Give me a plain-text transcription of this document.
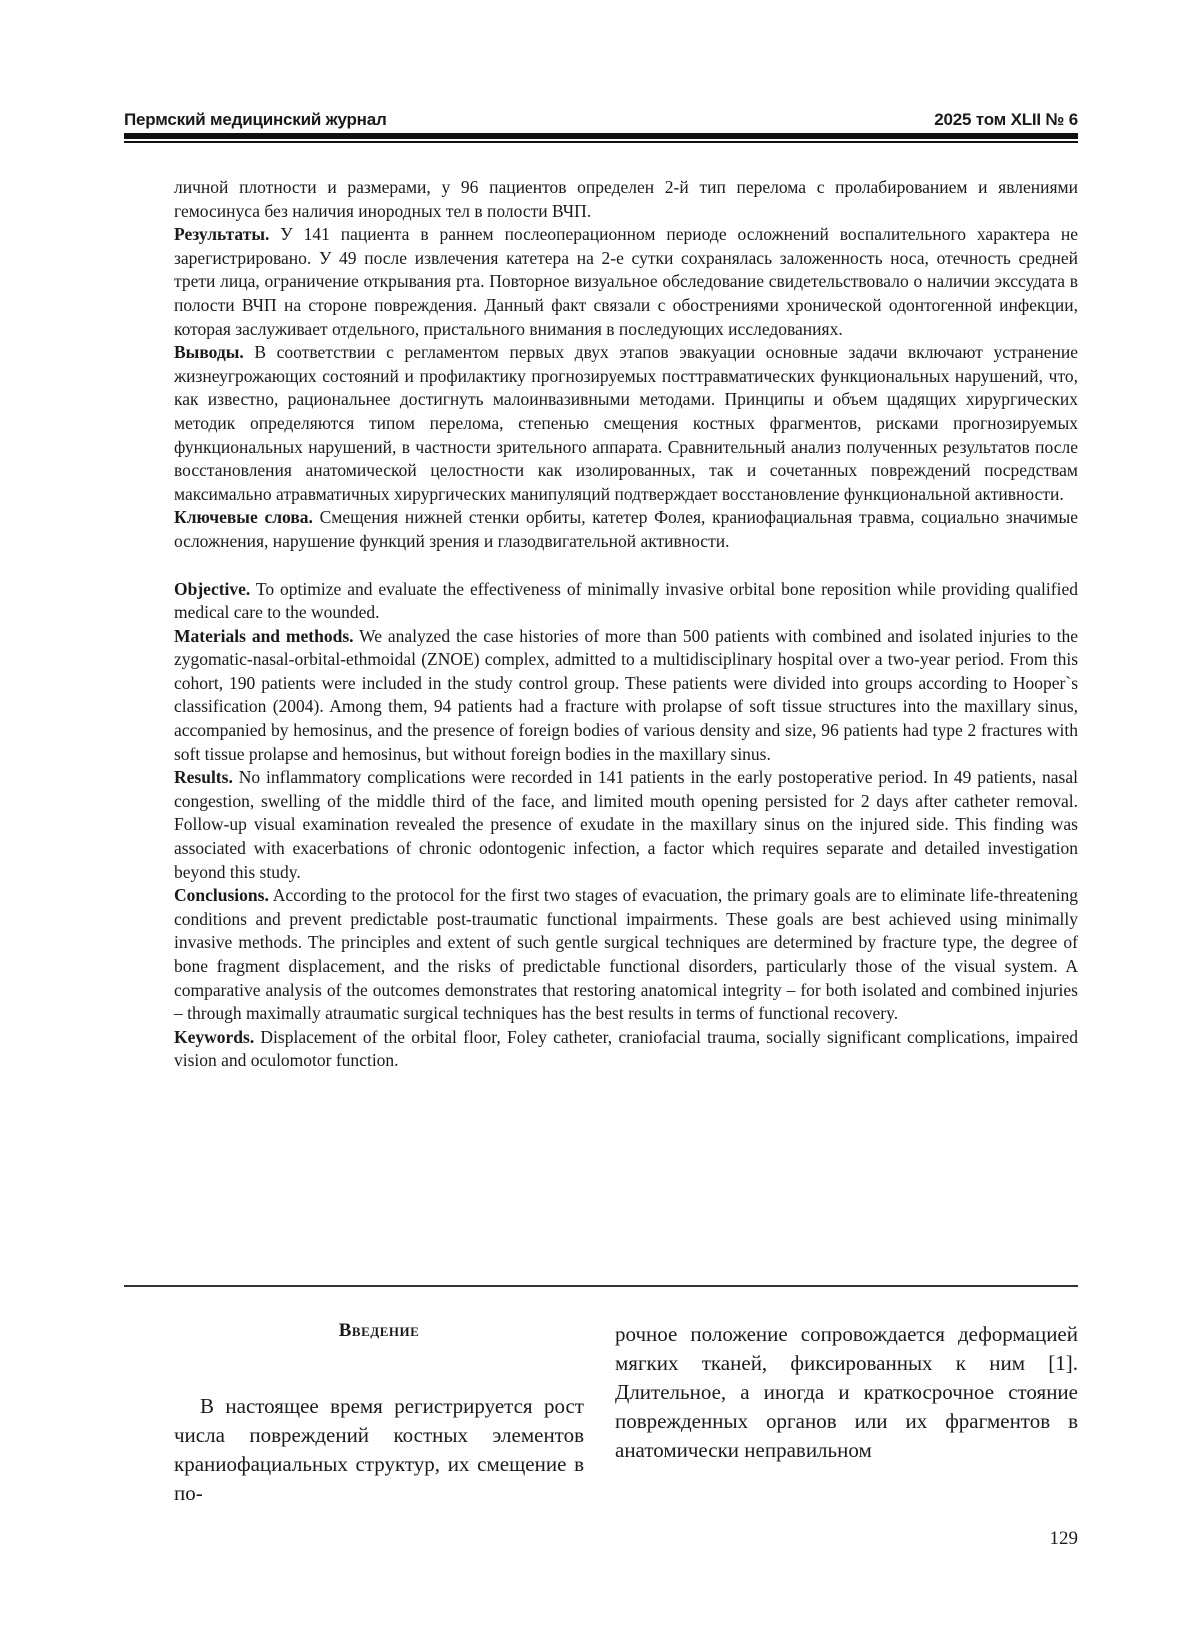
Пермский медицинский журнал	2025 том XLII № 6

личной плотности и размерами, у 96 пациентов определен 2-й тип перелома с пролабированием и явлениями гемосинуса без наличия инородных тел в полости ВЧП.

Результаты. У 141 пациента в раннем послеоперационном периоде осложнений воспалительного характера не зарегистрировано. У 49 после извлечения катетера на 2-е сутки сохранялась заложенность носа, отечность средней трети лица, ограничение открывания рта. Повторное визуальное обследование свидетельствовало о наличии экссудата в полости ВЧП на стороне повреждения. Данный факт связали с обострениями хронической одонтогенной инфекции, которая заслуживает отдельного, пристального внимания в последующих исследованиях.

Выводы. В соответствии с регламентом первых двух этапов эвакуации основные задачи включают устранение жизнеугрожающих состояний и профилактику прогнозируемых посттравматических функциональных нарушений, что, как известно, рациональнее достигнуть малоинвазивными методами. Принципы и объем щадящих хирургических методик определяются типом перелома, степенью смещения костных фрагментов, рисками прогнозируемых функциональных нарушений, в частности зрительного аппарата. Сравнительный анализ полученных результатов после восстановления анатомической целостности как изолированных, так и сочетанных повреждений посредствам максимально атравматичных хирургических манипуляций подтверждает восстановление функциональной активности.

Ключевые слова. Смещения нижней стенки орбиты, катетер Фолея, краниофациальная травма, социально значимые осложнения, нарушение функций зрения и глазодвигательной активности.

Objective. To optimize and evaluate the effectiveness of minimally invasive orbital bone reposition while providing qualified medical care to the wounded.

Materials and methods. We analyzed the case histories of more than 500 patients with combined and isolated injuries to the zygomatic-nasal-orbital-ethmoidal (ZNOE) complex, admitted to a multidisciplinary hospital over a two-year period. From this cohort, 190 patients were included in the study control group. These patients were divided into groups according to Hooper`s classification (2004). Among them, 94 patients had a fracture with prolapse of soft tissue structures into the maxillary sinus, accompanied by hemosinus, and the presence of foreign bodies of various density and size, 96 patients had type 2 fractures with soft tissue prolapse and hemosinus, but without foreign bodies in the maxillary sinus.

Results. No inflammatory complications were recorded in 141 patients in the early postoperative period. In 49 patients, nasal congestion, swelling of the middle third of the face, and limited mouth opening persisted for 2 days after catheter removal. Follow-up visual examination revealed the presence of exudate in the maxillary sinus on the injured side. This finding was associated with exacerbations of chronic odontogenic infection, a factor which requires separate and detailed investigation beyond this study.

Conclusions. According to the protocol for the first two stages of evacuation, the primary goals are to eliminate life-threatening conditions and prevent predictable post-traumatic functional impairments. These goals are best achieved using minimally invasive methods. The principles and extent of such gentle surgical techniques are determined by fracture type, the degree of bone fragment displacement, and the risks of predictable functional disorders, particularly those of the visual system. A comparative analysis of the outcomes demonstrates that restoring anatomical integrity – for both isolated and combined injuries – through maximally atraumatic surgical techniques has the best results in terms of functional recovery.

Keywords. Displacement of the orbital floor, Foley catheter, craniofacial trauma, socially significant complications, impaired vision and oculomotor function.

Введение

В настоящее время регистрируется рост числа повреждений костных элементов краниофациальных структур, их смещение в по-

рочное положение сопровождается деформацией мягких тканей, фиксированных к ним [1]. Длительное, а иногда и краткосрочное стояние поврежденных органов или их фрагментов в анатомически неправильном

129
